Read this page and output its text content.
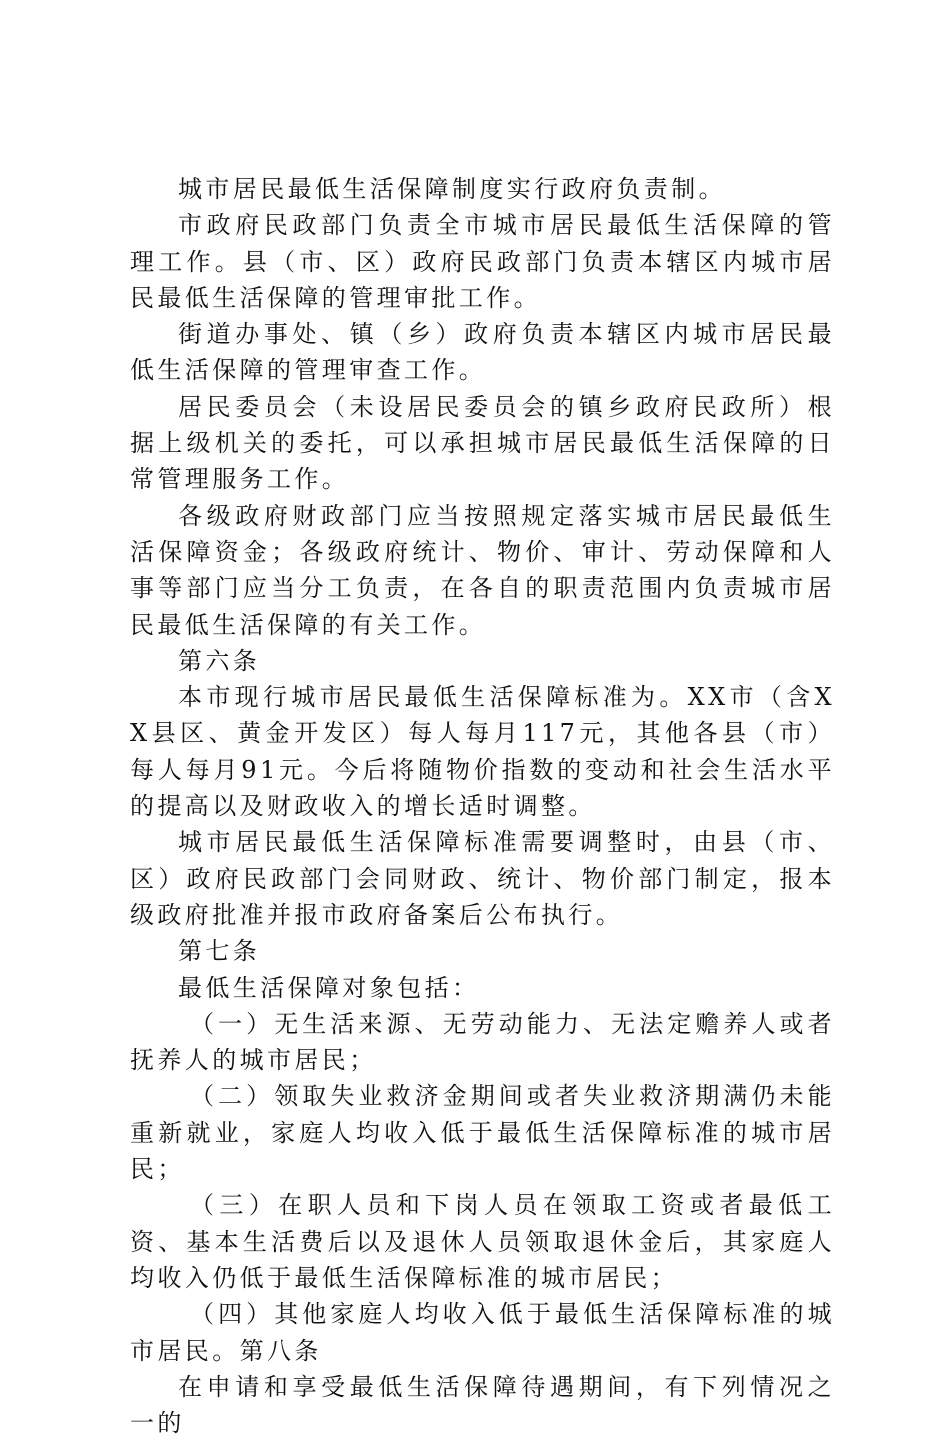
城市居民最低生活保障制度实行政府负责制。

市政府民政部门负责全市城市居民最低生活保障的管理工作。县（市、区）政府民政部门负责本辖区内城市居民最低生活保障的管理审批工作。

街道办事处、镇（乡）政府负责本辖区内城市居民最低生活保障的管理审查工作。

居民委员会（未设居民委员会的镇乡政府民政所）根据上级机关的委托，可以承担城市居民最低生活保障的日常管理服务工作。

各级政府财政部门应当按照规定落实城市居民最低生活保障资金；各级政府统计、物价、审计、劳动保障和人事等部门应当分工负责，在各自的职责范围内负责城市居民最低生活保障的有关工作。

第六条

本市现行城市居民最低生活保障标准为。XX市（含XX县区、黄金开发区）每人每月117元，其他各县（市）每人每月91元。今后将随物价指数的变动和社会生活水平的提高以及财政收入的增长适时调整。

城市居民最低生活保障标准需要调整时，由县（市、区）政府民政部门会同财政、统计、物价部门制定，报本级政府批准并报市政府备案后公布执行。

第七条

最低生活保障对象包括：

（一）无生活来源、无劳动能力、无法定赡养人或者抚养人的城市居民；

（二）领取失业救济金期间或者失业救济期满仍未能重新就业，家庭人均收入低于最低生活保障标准的城市居民；

（三）在职人员和下岗人员在领取工资或者最低工资、基本生活费后以及退休人员领取退休金后，其家庭人均收入仍低于最低生活保障标准的城市居民；

（四）其他家庭人均收入低于最低生活保障标准的城市居民。第八条

在申请和享受最低生活保障待遇期间，有下列情况之一的
